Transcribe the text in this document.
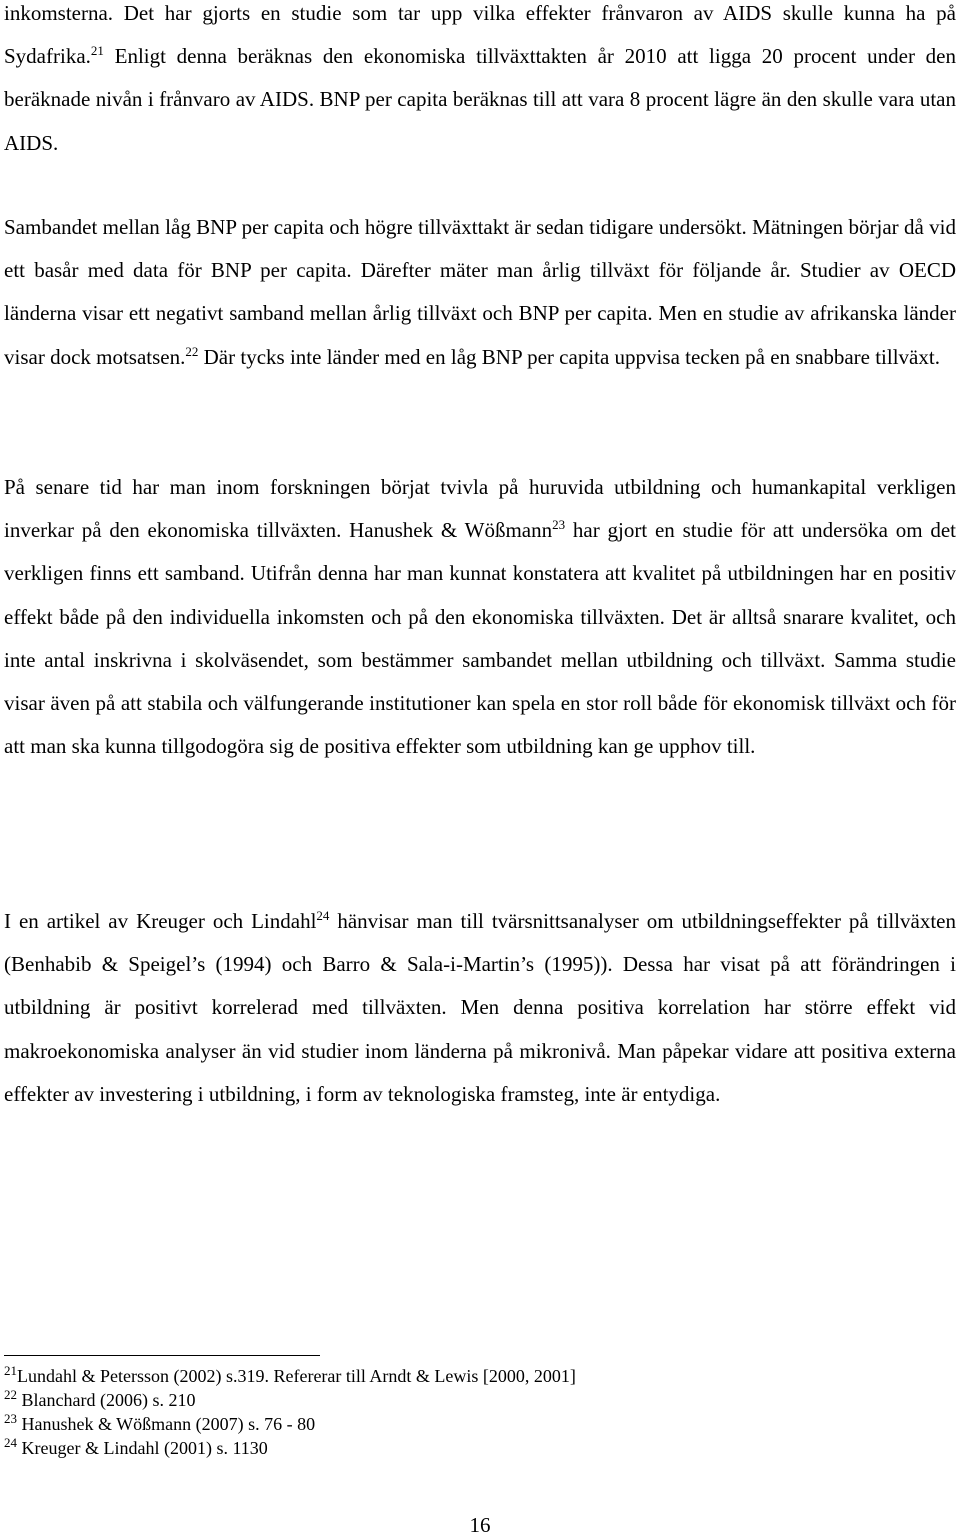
inkomsterna. Det har gjorts en studie som tar upp vilka effekter frånvaron av AIDS skulle kunna ha på Sydafrika.$^{21}$ Enligt denna beräknas den ekonomiska tillväxttakten år 2010 att ligga 20 procent under den beräknade nivån i frånvaro av AIDS. BNP per capita beräknas till att vara 8 procent lägre än den skulle vara utan AIDS.

Sambandet mellan låg BNP per capita och högre tillväxttakt är sedan tidigare undersökt. Mätningen börjar då vid ett basår med data för BNP per capita. Därefter mäter man årlig tillväxt för följande år. Studier av OECD länderna visar ett negativt samband mellan årlig tillväxt och BNP per capita. Men en studie av afrikanska länder visar dock motsatsen.$^{22}$ Där tycks inte länder med en låg BNP per capita uppvisa tecken på en snabbare tillväxt.

På senare tid har man inom forskningen börjat tvivla på huruvida utbildning och humankapital verkligen inverkar på den ekonomiska tillväxten. Hanushek & Wößmann$^{23}$ har gjort en studie för att undersöka om det verkligen finns ett samband. Utifrån denna har man kunnat konstatera att kvalitet på utbildningen har en positiv effekt både på den individuella inkomsten och på den ekonomiska tillväxten. Det är alltså snarare kvalitet, och inte antal inskrivna i skolväsendet, som bestämmer sambandet mellan utbildning och tillväxt. Samma studie visar även på att stabila och välfungerande institutioner kan spela en stor roll både för ekonomisk tillväxt och för att man ska kunna tillgodogöra sig de positiva effekter som utbildning kan ge upphov till.

I en artikel av Kreuger och Lindahl$^{24}$ hänvisar man till tvärsnittsanalyser om utbildningseffekter på tillväxten (Benhabib & Speigel’s (1994) och Barro & Sala-i-Martin’s (1995)). Dessa har visat på att förändringen i utbildning är positivt korrelerad med tillväxten. Men denna positiva korrelation har större effekt vid makroekonomiska analyser än vid studier inom länderna på mikronivå. Man påpekar vidare att positiva externa effekter av investering i utbildning, i form av teknologiska framsteg, inte är entydiga.

$^{21}$Lundahl & Petersson (2002) s.319. Refererar till Arndt & Lewis [2000, 2001]

$^{22}$ Blanchard (2006) s. 210

$^{23}$ Hanushek & Wößmann (2007) s. 76 - 80

$^{24}$ Kreuger & Lindahl (2001) s. 1130

16
